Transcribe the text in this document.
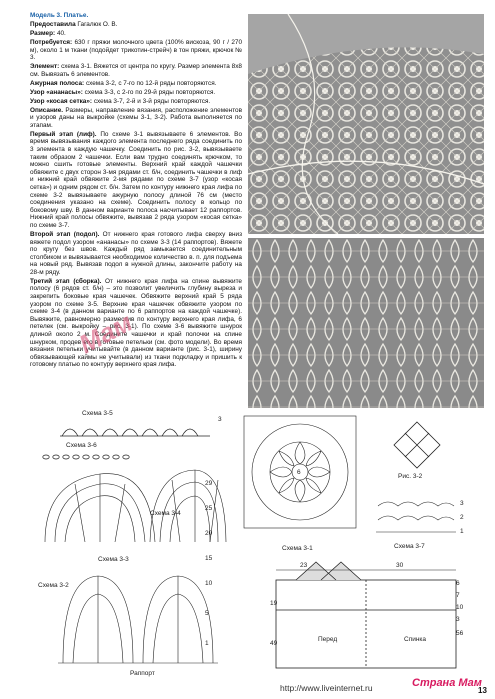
Модель 3. Платье.

Предоставила Гагалюк О. В.

Размер: 40.

Потребуется: 630 г пряжи молочного цвета (100% вискоза, 90 г / 270 м), около 1 м ткани (подойдет трикотин-стрейч) в тон пряжи, крючок № 3.

Элемент: схема 3-1. Вяжется от центра по кругу. Размер элемента 8х8 см. Вывязать 6 элементов.

Ажурная полоса: схема 3-2, с 7-го по 12-й ряды повторяются.

Узор «ананасы»: схема 3-3, с 2-го по 29-й ряды повторяются.

Узор «косая сетка»: схема 3-7, 2-й и 3-й ряды повторяются.

Описание. Размеры, направление вязания, расположение элементов и узоров даны на выкройке (схемы 3-1, 3-2). Работа выполняется по этапам.

Первый этап (лиф). По схеме 3-1 вывязываете 6 элементов. Во время вывязывания каждого элемента последнего ряда соединить по 3 элемента в каждую чашечку. Соединить по рис. 3-2, вывязываете таким образом 2 чашечки. Если вам трудно соединять крючком, то можно сшить готовые элементы. Верхний край каждой чашечки обвяжите с двух сторон 3-мя рядами ст. б/н, соединить чашечки в лиф и нижний край обвяжите 2-мя рядами по схеме 3-7 (узор «косая сетка») и одним рядом ст. б/н. Затем по контуру нижнего края лифа по схеме 3-2 вывязываете ажурную полосу длиной 76 см (место соединения указано на схеме). Соединить полосу в кольцо по боковому шву. В данном варианте полоса насчитывает 12 раппортов. Нижний край полосы обвяжите, вывязав 2 ряда узором «косая сетка» по схеме 3-7.

Второй этап (подол). От нижнего края готового лифа сверху вниз вяжете подол узором «ананасы» по схеме 3-3 (14 раппортов). Вяжете по кругу без швов. Каждый ряд замыкается соединительным столбиком и вывязывается необходимое количество в. п. для подъема на новый ряд. Вывязав подол в нужной длины, закончите работу на 28-м ряду.

Третий этап (сборка). От нижнего края лифа на спине вывяжите полосу (6 рядов ст. б/н) – это позволит увеличить глубину выреза и закрепить боковые края чашечек. Обвяжите верхний край 5 ряда узором по схеме 3-5. Верхние края чашечек обвяжите узором по схеме 3-4 (в данном варианте по 6 раппортов на каждой чашечке). Вывяжите, равномерно разместив по контуру верхнего края лифа, 6 петелек (см. выкройку – рис. 3-1). По схеме 3-6 вывяжите шнурок длиной около 2 м. Соедините чашечки и край полочки на спине шнурком, продев его в готовые петельки (см. фото модели). Во время вязания петельки учитывайте (в данном варианте (рис. 3-1), ширину обвязывающей каймы не учитывали) из ткани подкладку и пришить к готовому платью по контуру верхнего края лифа.

Мам
Схема 3-5
3
Схема 3-6
Схема 3-4
Схема 3-3
Схема 3-2
Раппорт
29
25
20
15
10
5
1
6
Схема 3-1
Рис. 3-2
3
2
1
Схема 3-7
23	30
49
19
56
6
7
10
3
Перед	Спинка
http://www.liveinternet.ru	Страна Мам
13
